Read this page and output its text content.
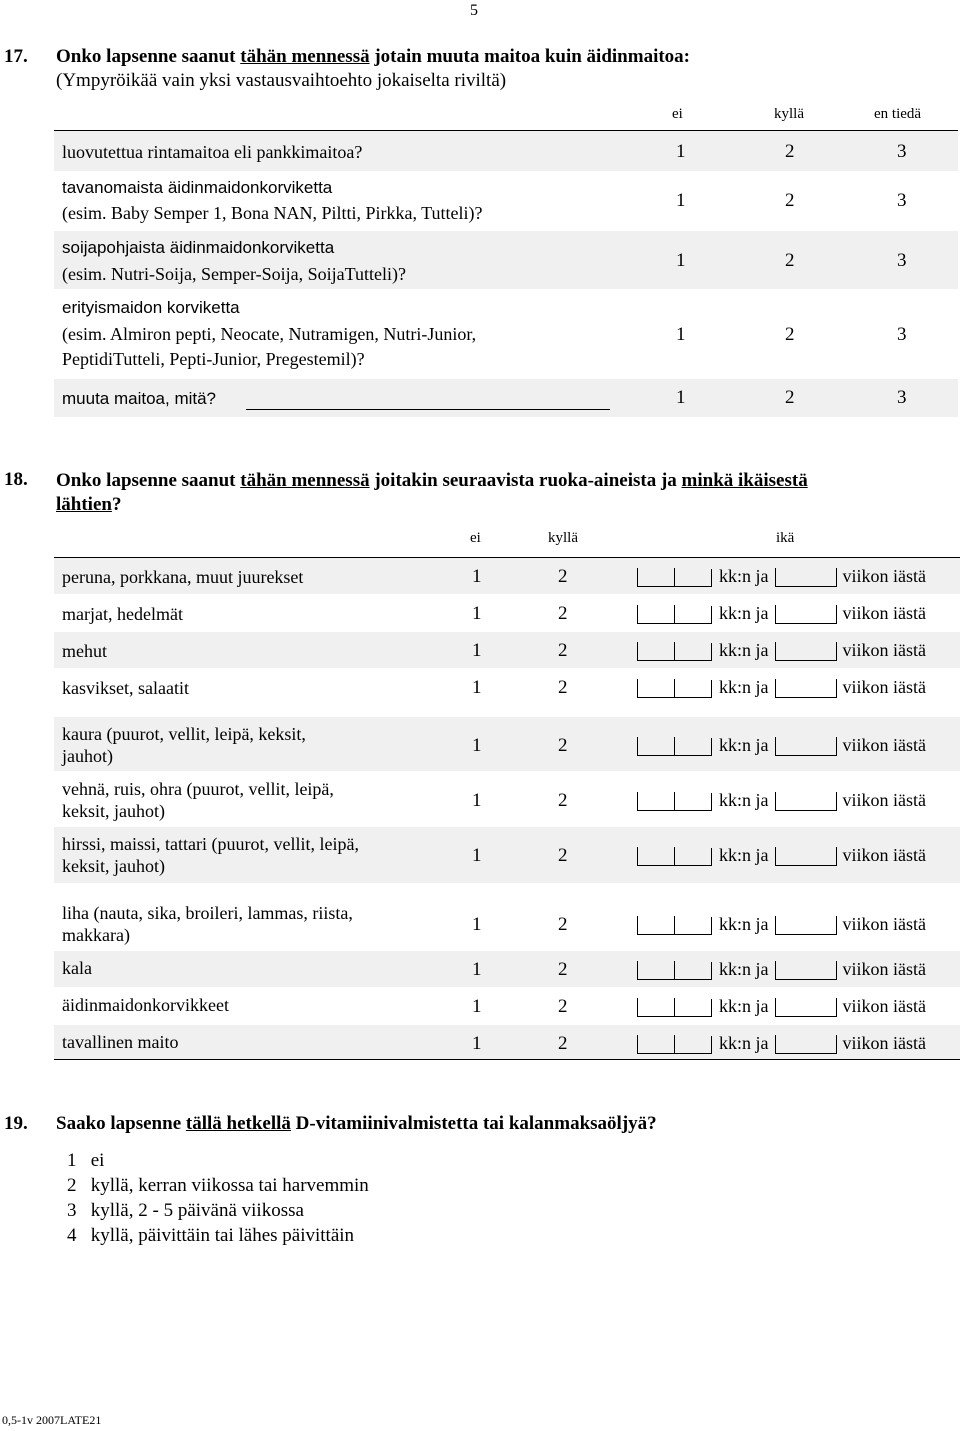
5
17. Onko lapsenne saanut tähän mennessä jotain muuta maitoa kuin äidinmaitoa:
(Ympyröikää vain yksi vastausvaihtoehto jokaiselta riviltä)
ei	kyllä	en tiedä
luovutettua rintamaitoa eli pankkimaitoa?	1	2	3
tavanomaista äidinmaidonkorviketta
(esim. Baby Semper 1, Bona NAN, Piltti, Pirkka, Tutteli)?
1	2	3
soijapohjaista äidinmaidonkorviketta
(esim. Nutri-Soija, Semper-Soija, SoijaTutteli)?
1	2	3
erityismaidon korviketta
(esim. Almiron pepti, Neocate, Nutramigen, Nutri-Junior,
PeptidiTutteli, Pepti-Junior, Pregestemil)?
1	2	3
muuta maitoa, mitä?	1	2	3
18. Onko lapsenne saanut tähän mennessä joitakin seuraavista ruoka-aineista ja minkä ikäisestä
lähtien?
ei	kyllä	ikä
peruna, porkkana, muut juurekset	1	2	kk:n ja	viikon iästä
marjat, hedelmät	1	2	kk:n ja	viikon iästä
mehut	1	2	kk:n ja	viikon iästä
kasvikset, salaatit	1	2	kk:n ja	viikon iästä
kaura (puurot, vellit, leipä, keksit,
jauhot)	1	2	kk:n ja	viikon iästä
vehnä, ruis, ohra (puurot, vellit, leipä,
keksit, jauhot)	1	2	kk:n ja	viikon iästä
hirssi, maissi, tattari (puurot, vellit, leipä,
keksit, jauhot)	1	2	kk:n ja	viikon iästä
liha (nauta, sika, broileri, lammas, riista,
makkara)	1	2	kk:n ja	viikon iästä
kala	1	2	kk:n ja	viikon iästä
äidinmaidonkorvikkeet	1	2	kk:n ja	viikon iästä
tavallinen maito	1	2	kk:n ja	viikon iästä
19. Saako lapsenne tällä hetkellä D-vitamiinivalmistetta tai kalanmaksaöljyä?
1 ei
2 kyllä, kerran viikossa tai harvemmin
3 kyllä, 2 - 5 päivänä viikossa
4 kyllä, päivittäin tai lähes päivittäin
0,5-1v 2007LATE21
